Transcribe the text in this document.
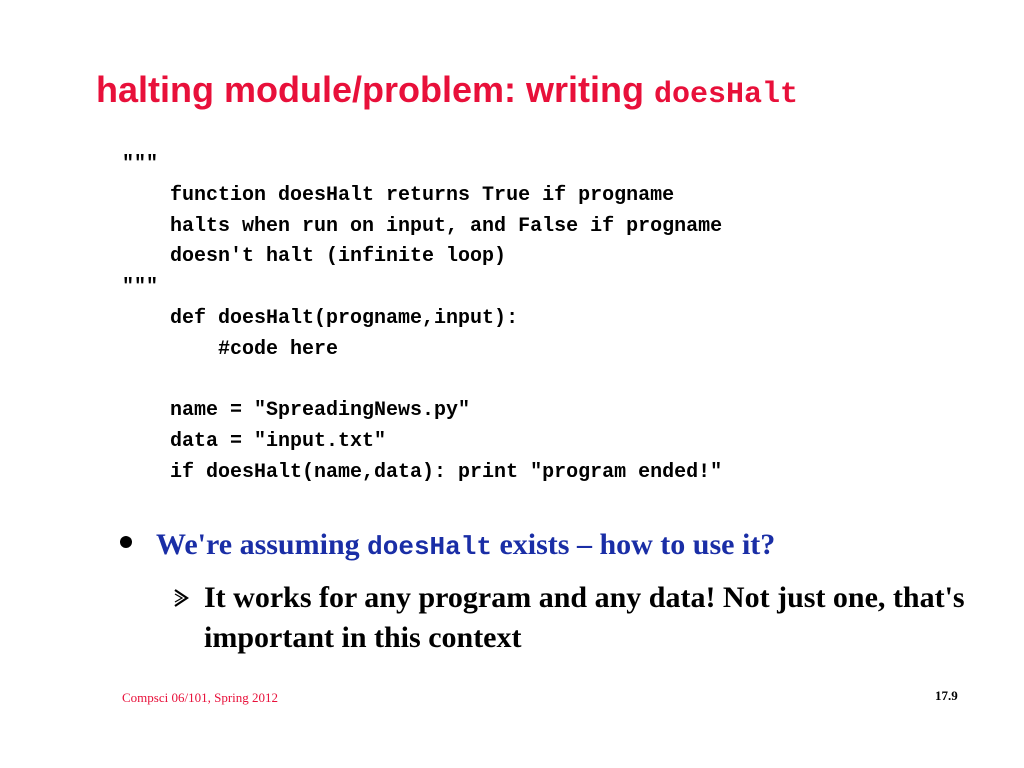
halting module/problem: writing doesHalt
"""
function doesHalt returns True if progname
halts when run on input, and False if progname
doesn't halt (infinite loop)
"""
def doesHalt(progname,input):
#code here
name = "SpreadingNews.py"
data = "input.txt"
if doesHalt(name,data): print "program ended!"
We're assuming doesHalt exists – how to use it?
It works for any program and any data! Not just one, that's important in this context
Compsci 06/101, Spring 2012	17.9
